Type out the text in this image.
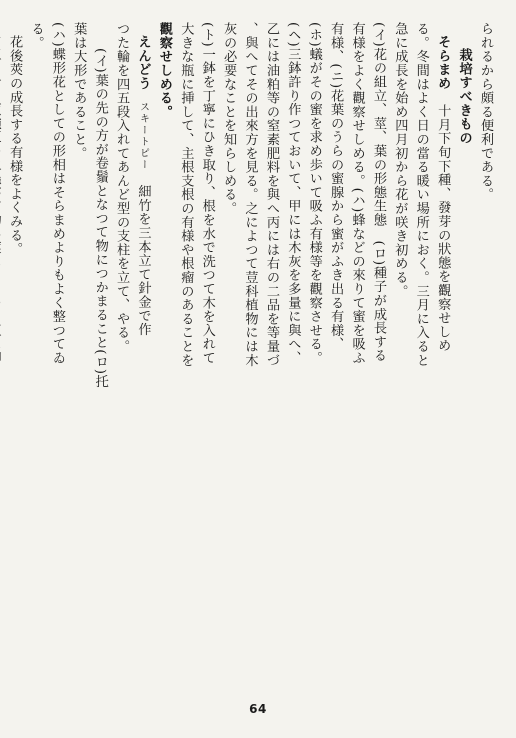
られるから頗る便利である。
栽培すべきもの
そらまめ　十月下旬下種、發芽の狀態を觀察せしめ
る。冬間はよく日の當る暖い場所におく。三月に入ると
急に成長を始め四月初から花が咲き初める。
(イ)花の組立、莖、葉の形態生態　(ロ)種子が成長する
有様をよく觀察せしめる。(ハ)蜂などの來りて蜜を吸ふ
有様、(ニ)花葉のうらの蜜腺から蜜がふき出る有様、
(ホ)蟻がその蜜を求め歩いて吸ふ有様等を觀察させる。
(ヘ)三鉢許り作つておいて、甲には木灰を多量に與へ、
乙には油粕等の窒素肥料を與へ丙には右の二品を等量づ
、與へてその出來方を見る。之によつて荳科植物には木
灰の必要なことを知らしめる。
(ト)一鉢を丁寧にひき取り、根を水で洗つて木を入れて
大きな瓶に挿して、主根支根の有様や根瘤のあることを
觀察せしめる。
えんどう　スキートピー　細竹を三本立て針金で作
つた輪を四五段入れてあんど型の支柱を立て、やる。
(イ)葉の先の方が卷鬚となつて物につかまること(ロ)托
葉は大形であること。
(ハ)蝶形花としての形相はそらまめよりもよく整つてゐ
る。
花後莢の成長する有様をよくみる。
64
